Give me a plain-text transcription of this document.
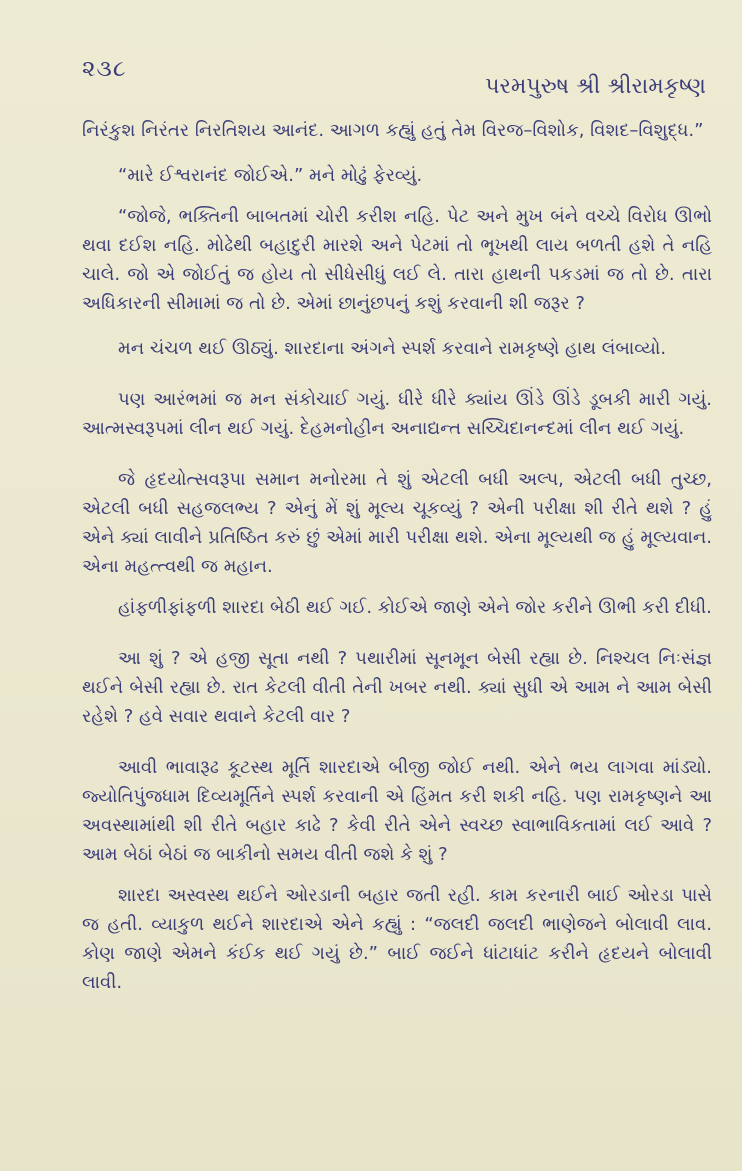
૨૩૮
પરમપુરુષ શ્રી શ્રીરામકૃષ્ણ

નિરંકુશ નિરંતર નિરતિશય આનંદ. આગળ કહ્યું હતું તેમ વિરજ–વિશોક, વિશદ–વિશુદ્ધ.”

“મારે ઈશ્વરાનંદ જોઈએ.” મને મોઢું ફેરવ્યું.

“જોજે, ભક્તિની બાબતમાં ચોરી કરીશ નહિ. પેટ અને મુખ બંને વચ્ચે વિરોધ ઊભો થવા દઈશ નહિ. મોઢેથી બહાદુરી મારશે અને પેટમાં તો ભૂખથી લાય બળતી હશે તે નહિ ચાલે. જો એ જોઈતું જ હોય તો સીધેસીધું લઈ લે. તારા હાથની પકડમાં જ તો છે. તારા અધિકારની સીમામાં જ તો છે. એમાં છાનુંછપનું કશું કરવાની શી જરૂર ?

મન ચંચળ થઈ ઊઠ્યું. શારદાના અંગને સ્પર્શ કરવાને રામકૃષ્ણે હાથ લંબાવ્યો.

પણ આરંભમાં જ મન સંકોચાઈ ગયું. ધીરે ધીરે ક્યાંય ઊંડે ઊંડે ડૂબકી મારી ગયું. આત્મસ્વરૂપમાં લીન થઈ ગયું. દેહમનોહીન અનાદ્યન્ત સચ્ચિદાનન્દમાં લીન થઈ ગયું.

જે હૃદયોત્સવરૂપા સમાન મનોરમા તે શું એટલી બધી અલ્પ, એટલી બધી તુચ્છ, એટલી બધી સહજલભ્ય ? એનું મેં શું મૂલ્ય ચૂકવ્યું ? એની પરીક્ષા શી રીતે થશે ? હું એને ક્યાં લાવીને પ્રતિષ્ઠિત કરું છું એમાં મારી પરીક્ષા થશે. એના મૂલ્યથી જ હું મૂલ્યવાન. એના મહત્ત્વથી જ મહાન.

હાંફળીફાંફળી શારદા બેઠી થઈ ગઈ. કોઈએ જાણે એને જોર કરીને ઊભી કરી દીધી.

આ શું ? એ હજી સૂતા નથી ? પથારીમાં સૂનમૂન બેસી રહ્યા છે. નિશ્ચલ નિઃસંજ્ઞ થઈને બેસી રહ્યા છે. રાત કેટલી વીતી તેની ખબર નથી. ક્યાં સુધી એ આમ ને આમ બેસી રહેશે ? હવે સવાર થવાને કેટલી વાર ?

આવી ભાવારૂઢ કૂટસ્થ મૂર્તિ શારદાએ બીજી જોઈ નથી. એને ભય લાગવા માંડ્યો. જ્યોતિપુંજધામ દિવ્યમૂર્તિને સ્પર્શ કરવાની એ હિંમત કરી શકી નહિ. પણ રામકૃષ્ણને આ અવસ્થામાંથી શી રીતે બહાર કાઢે ? કેવી રીતે એને સ્વચ્છ સ્વાભાવિકતામાં લઈ આવે ? આમ બેઠાં બેઠાં જ બાકીનો સમય વીતી જશે કે શું ?

શારદા અસ્વસ્થ થઈને ઓરડાની બહાર જતી રહી. કામ કરનારી બાઈ ઓરડા પાસે જ હતી. વ્યાકુળ થઈને શારદાએ એને કહ્યું : “જલદી જલદી ભાણેજને બોલાવી લાવ. કોણ જાણે એમને કંઈક થઈ ગયું છે.” બાઈ જઈને ધાંટાધાંટ કરીને હૃદયને બોલાવી લાવી.
